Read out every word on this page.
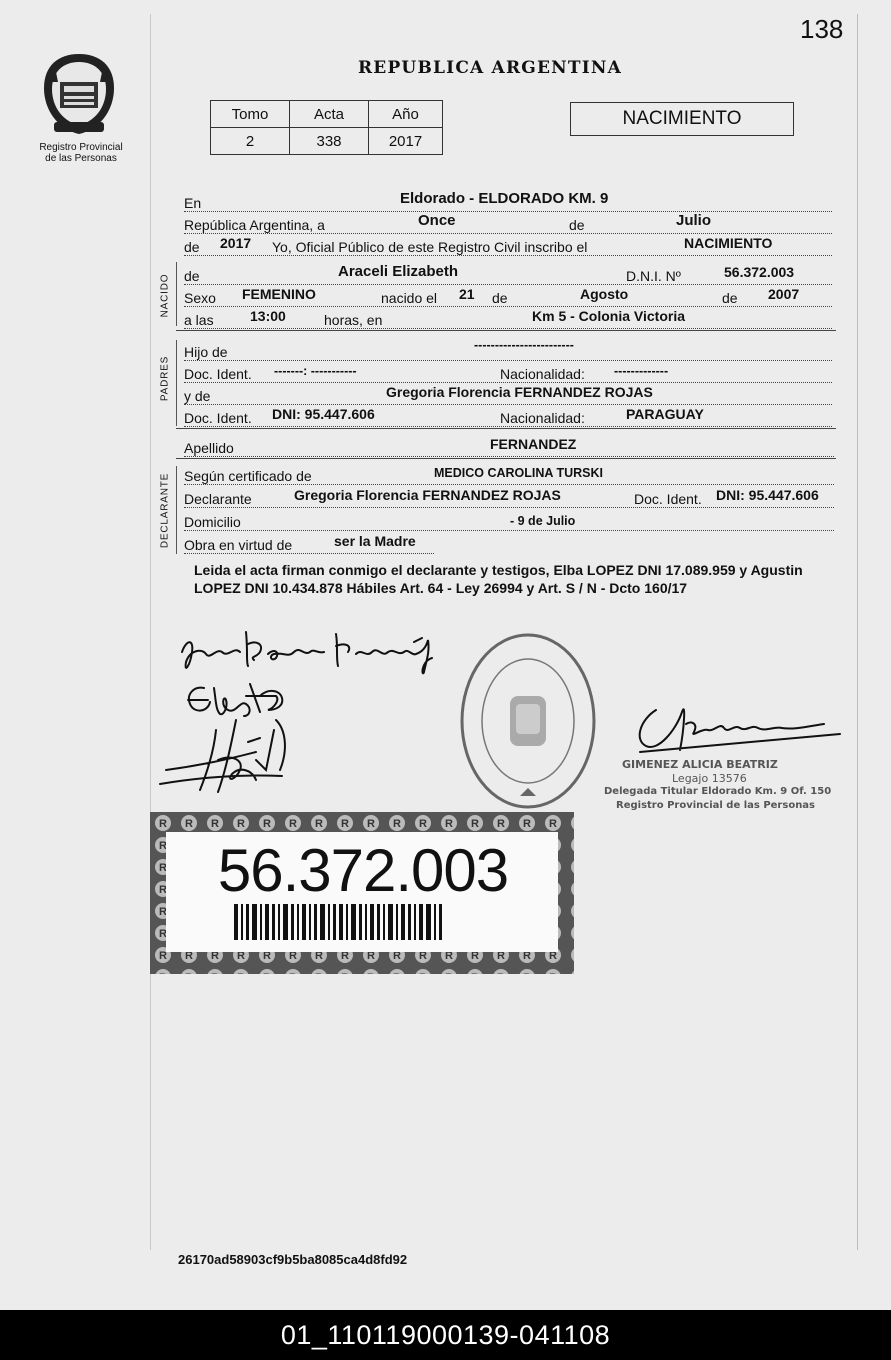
138
Registro Provincial
de las Personas
REPUBLICA ARGENTINA
Tomo	Acta	Año
2	338	2017
NACIMIENTO
En	Eldorado - ELDORADO KM. 9
República Argentina, a	Once	de	Julio
de 2017 Yo, Oficial Público de este Registro Civil inscribo el	NACIMIENTO
NACIDO de	Araceli Elizabeth	D.N.I. Nº	56.372.003
Sexo FEMENINO	nacido el 21 de	Agosto	de 2007
a las	13:00	horas, en	Km 5 - Colonia Victoria
PADRES
Hijo de	------------------------
Doc. Ident. -------: -----------	Nacionalidad: -------------
y de	Gregoria Florencia FERNANDEZ ROJAS
Doc. Ident. DNI: 95.447.606	Nacionalidad:	PARAGUAY
Apellido	FERNANDEZ
DECLARANTE Según certificado de	MEDICO CAROLINA TURSKI
Declarante	Gregoria Florencia FERNANDEZ ROJAS	Doc. Ident. DNI: 95.447.606
Domicilio	- 9 de Julio
Obra en virtud de	ser la Madre
Leida el acta firman conmigo el declarante y testigos, Elba LOPEZ DNI 17.089.959 y Agustin LOPEZ DNI 10.434.878 Hábiles Art. 64 - Ley 26994 y Art. S / N - Dcto 160/17
GIMENEZ ALICIA BEATRIZ
Legajo 13576
Delegada Titular Eldorado Km. 9 Of. 150
Registro Provincial de las Personas
56.372.003
26170ad58903cf9b5ba8085ca4d8fd92
01_110119000139-041108
